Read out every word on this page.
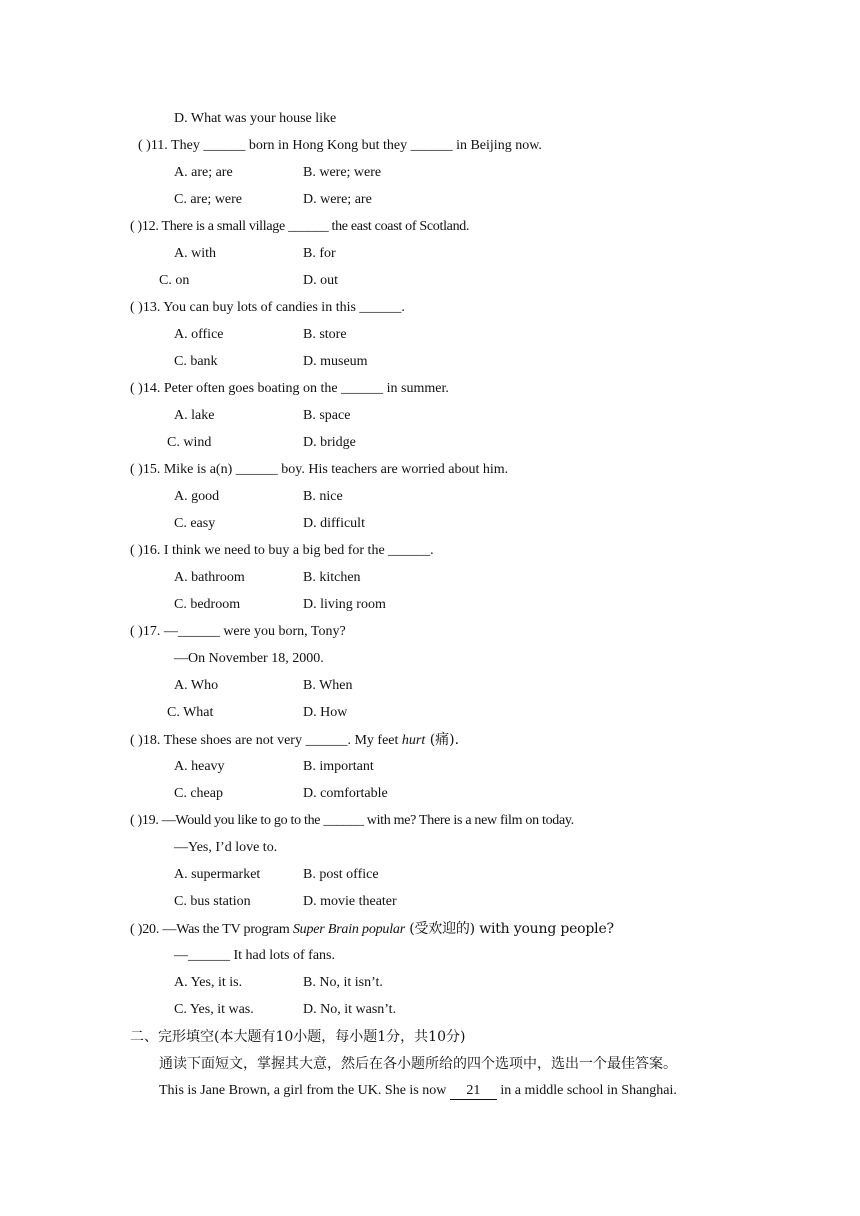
D. What was your house like
( )11. They ______ born in Hong Kong but they ______ in Beijing now.
A. are; are	B. were; were
C. are; were	D. were; are
( )12. There is a small village ______ the east coast of Scotland.
A. with	B. for
C. on	D. out
( )13. You can buy lots of candies in this ______.
A. office	B. store
C. bank	D. museum
( )14. Peter often goes boating on the ______ in summer.
A. lake	B. space
C. wind	D. bridge
( )15. Mike is a(n) ______ boy. His teachers are worried about him.
A. good	B. nice
C. easy	D. difficult
( )16. I think we need to buy a big bed for the ______.
A. bathroom	B. kitchen
C. bedroom	D. living room
( )17. —______ were you born, Tony?
—On November 18, 2000.
A. Who	B. When
C. What	D. How
( )18. These shoes are not very ______. My feet hurt (痛).
A. heavy	B. important
C. cheap	D. comfortable
( )19. —Would you like to go to the ______ with me? There is a new film on today.
—Yes, I’d love to.
A. supermarket	B. post office
C. bus station	D. movie theater
( )20. —Was the TV program Super Brain popular (受欢迎的) with young people?
—______ It had lots of fans.
A. Yes, it is.	B. No, it isn’t.
C. Yes, it was.	D. No, it wasn’t.
二、完形填空(本大题有10小题，每小题1分，共10分)
通读下面短文，掌握其大意，然后在各小题所给的四个选项中，选出一个最佳答案。
This is Jane Brown, a girl from the UK. She is now 21 in a middle school in Shanghai.
